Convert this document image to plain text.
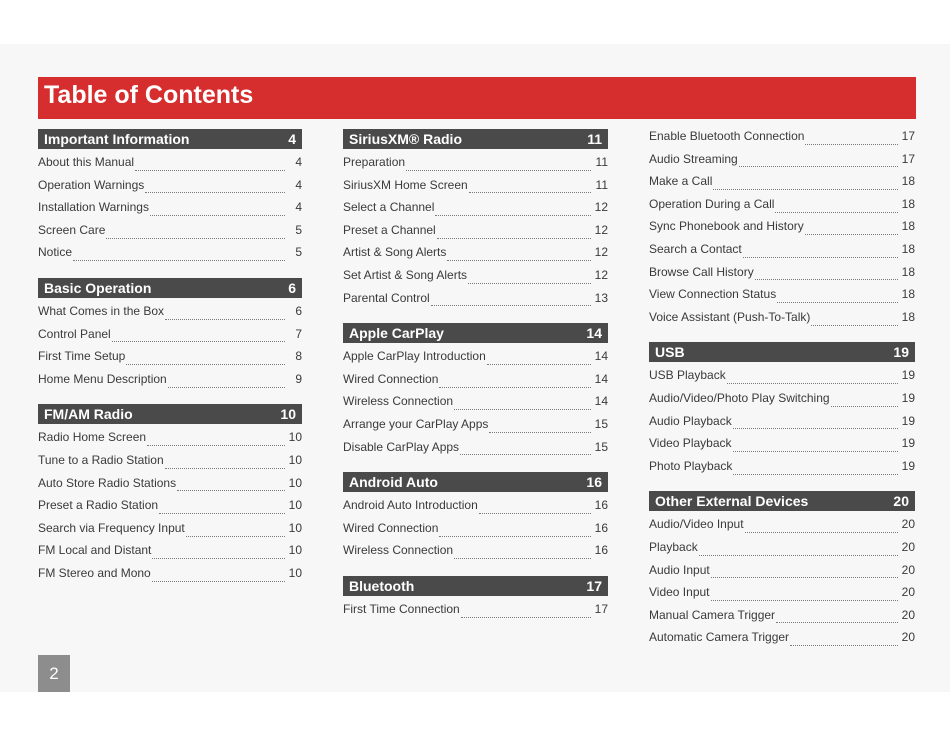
Table of Contents
Important Information	4
About this Manual	4
Operation Warnings	4
Installation Warnings	4
Screen Care	5
Notice	5
Basic Operation	6
What Comes in the Box	6
Control Panel	7
First Time Setup	8
Home Menu Description	9
FM/AM Radio	10
Radio Home Screen	10
Tune to a Radio Station	10
Auto Store Radio Stations	10
Preset a Radio Station	10
Search via Frequency Input	10
FM Local and Distant	10
FM Stereo and Mono	10
SiriusXM® Radio	11
Preparation	11
SiriusXM Home Screen	11
Select a Channel	12
Preset a Channel	12
Artist & Song Alerts	12
Set Artist & Song Alerts	12
Parental Control	13
Apple CarPlay	14
Apple CarPlay Introduction	14
Wired Connection	14
Wireless Connection	14
Arrange your CarPlay Apps	15
Disable CarPlay Apps	15
Android Auto	16
Android Auto Introduction	16
Wired Connection	16
Wireless Connection	16
Bluetooth	17
First Time Connection	17
Enable Bluetooth Connection	17
Audio Streaming	17
Make a Call	18
Operation During a Call	18
Sync Phonebook and History	18
Search a Contact	18
Browse Call History	18
View Connection Status	18
Voice Assistant (Push-To-Talk)	18
USB	19
USB Playback	19
Audio/Video/Photo Play Switching	19
Audio Playback	19
Video Playback	19
Photo Playback	19
Other External Devices	20
Audio/Video Input	20
Playback	20
Audio Input	20
Video Input	20
Manual Camera Trigger	20
Automatic Camera Trigger	20
2
